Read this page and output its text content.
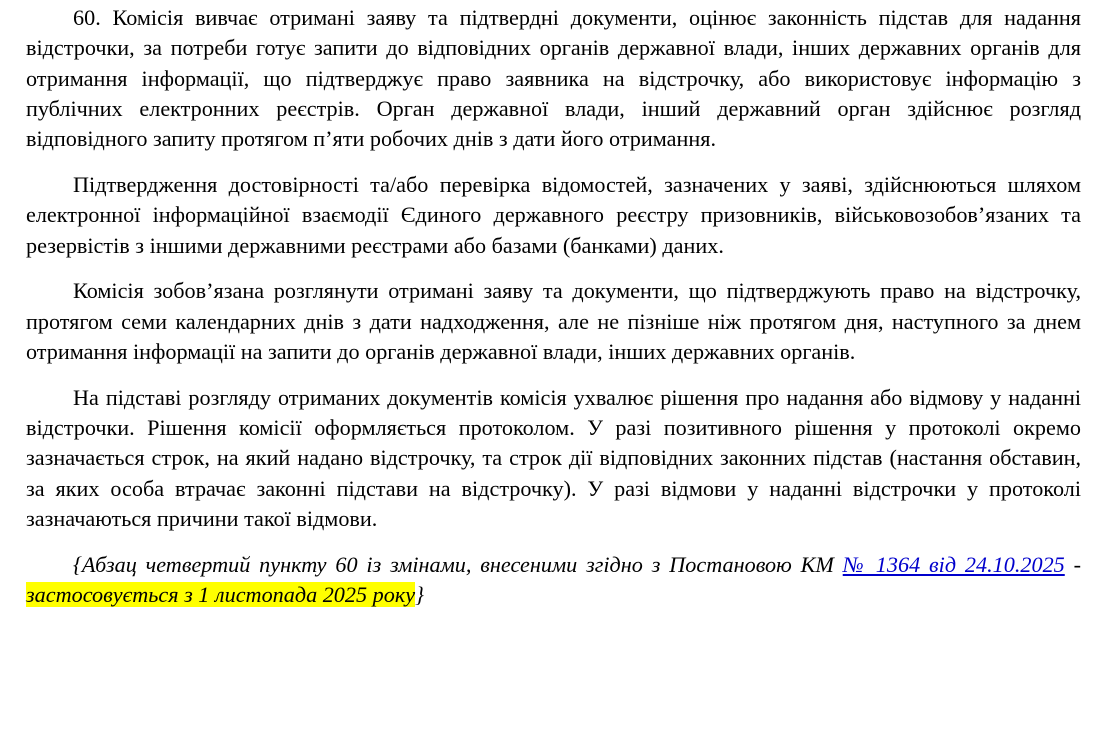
60. Комісія вивчає отримані заяву та підтвердні документи, оцінює законність підстав для надання відстрочки, за потреби готує запити до відповідних органів державної влади, інших державних органів для отримання інформації, що підтверджує право заявника на відстрочку, або використовує інформацію з публічних електронних реєстрів. Орган державної влади, інший державний орган здійснює розгляд відповідного запиту протягом п’яти робочих днів з дати його отримання.

Підтвердження достовірності та/або перевірка відомостей, зазначених у заяві, здійснюються шляхом електронної інформаційної взаємодії Єдиного державного реєстру призовників, військовозобов’язаних та резервістів з іншими державними реєстрами або базами (банками) даних.

Комісія зобов’язана розглянути отримані заяву та документи, що підтверджують право на відстрочку, протягом семи календарних днів з дати надходження, але не пізніше ніж протягом дня, наступного за днем отримання інформації на запити до органів державної влади, інших державних органів.

На підставі розгляду отриманих документів комісія ухвалює рішення про надання або відмову у наданні відстрочки. Рішення комісії оформляється протоколом. У разі позитивного рішення у протоколі окремо зазначається строк, на який надано відстрочку, та строк дії відповідних законних підстав (настання обставин, за яких особа втрачає законні підстави на відстрочку). У разі відмови у наданні відстрочки у протоколі зазначаються причини такої відмови.

{Абзац четвертий пункту 60 із змінами, внесеними згідно з Постановою КМ № 1364 від 24.10.2025 - застосовується з 1 листопада 2025 року}
